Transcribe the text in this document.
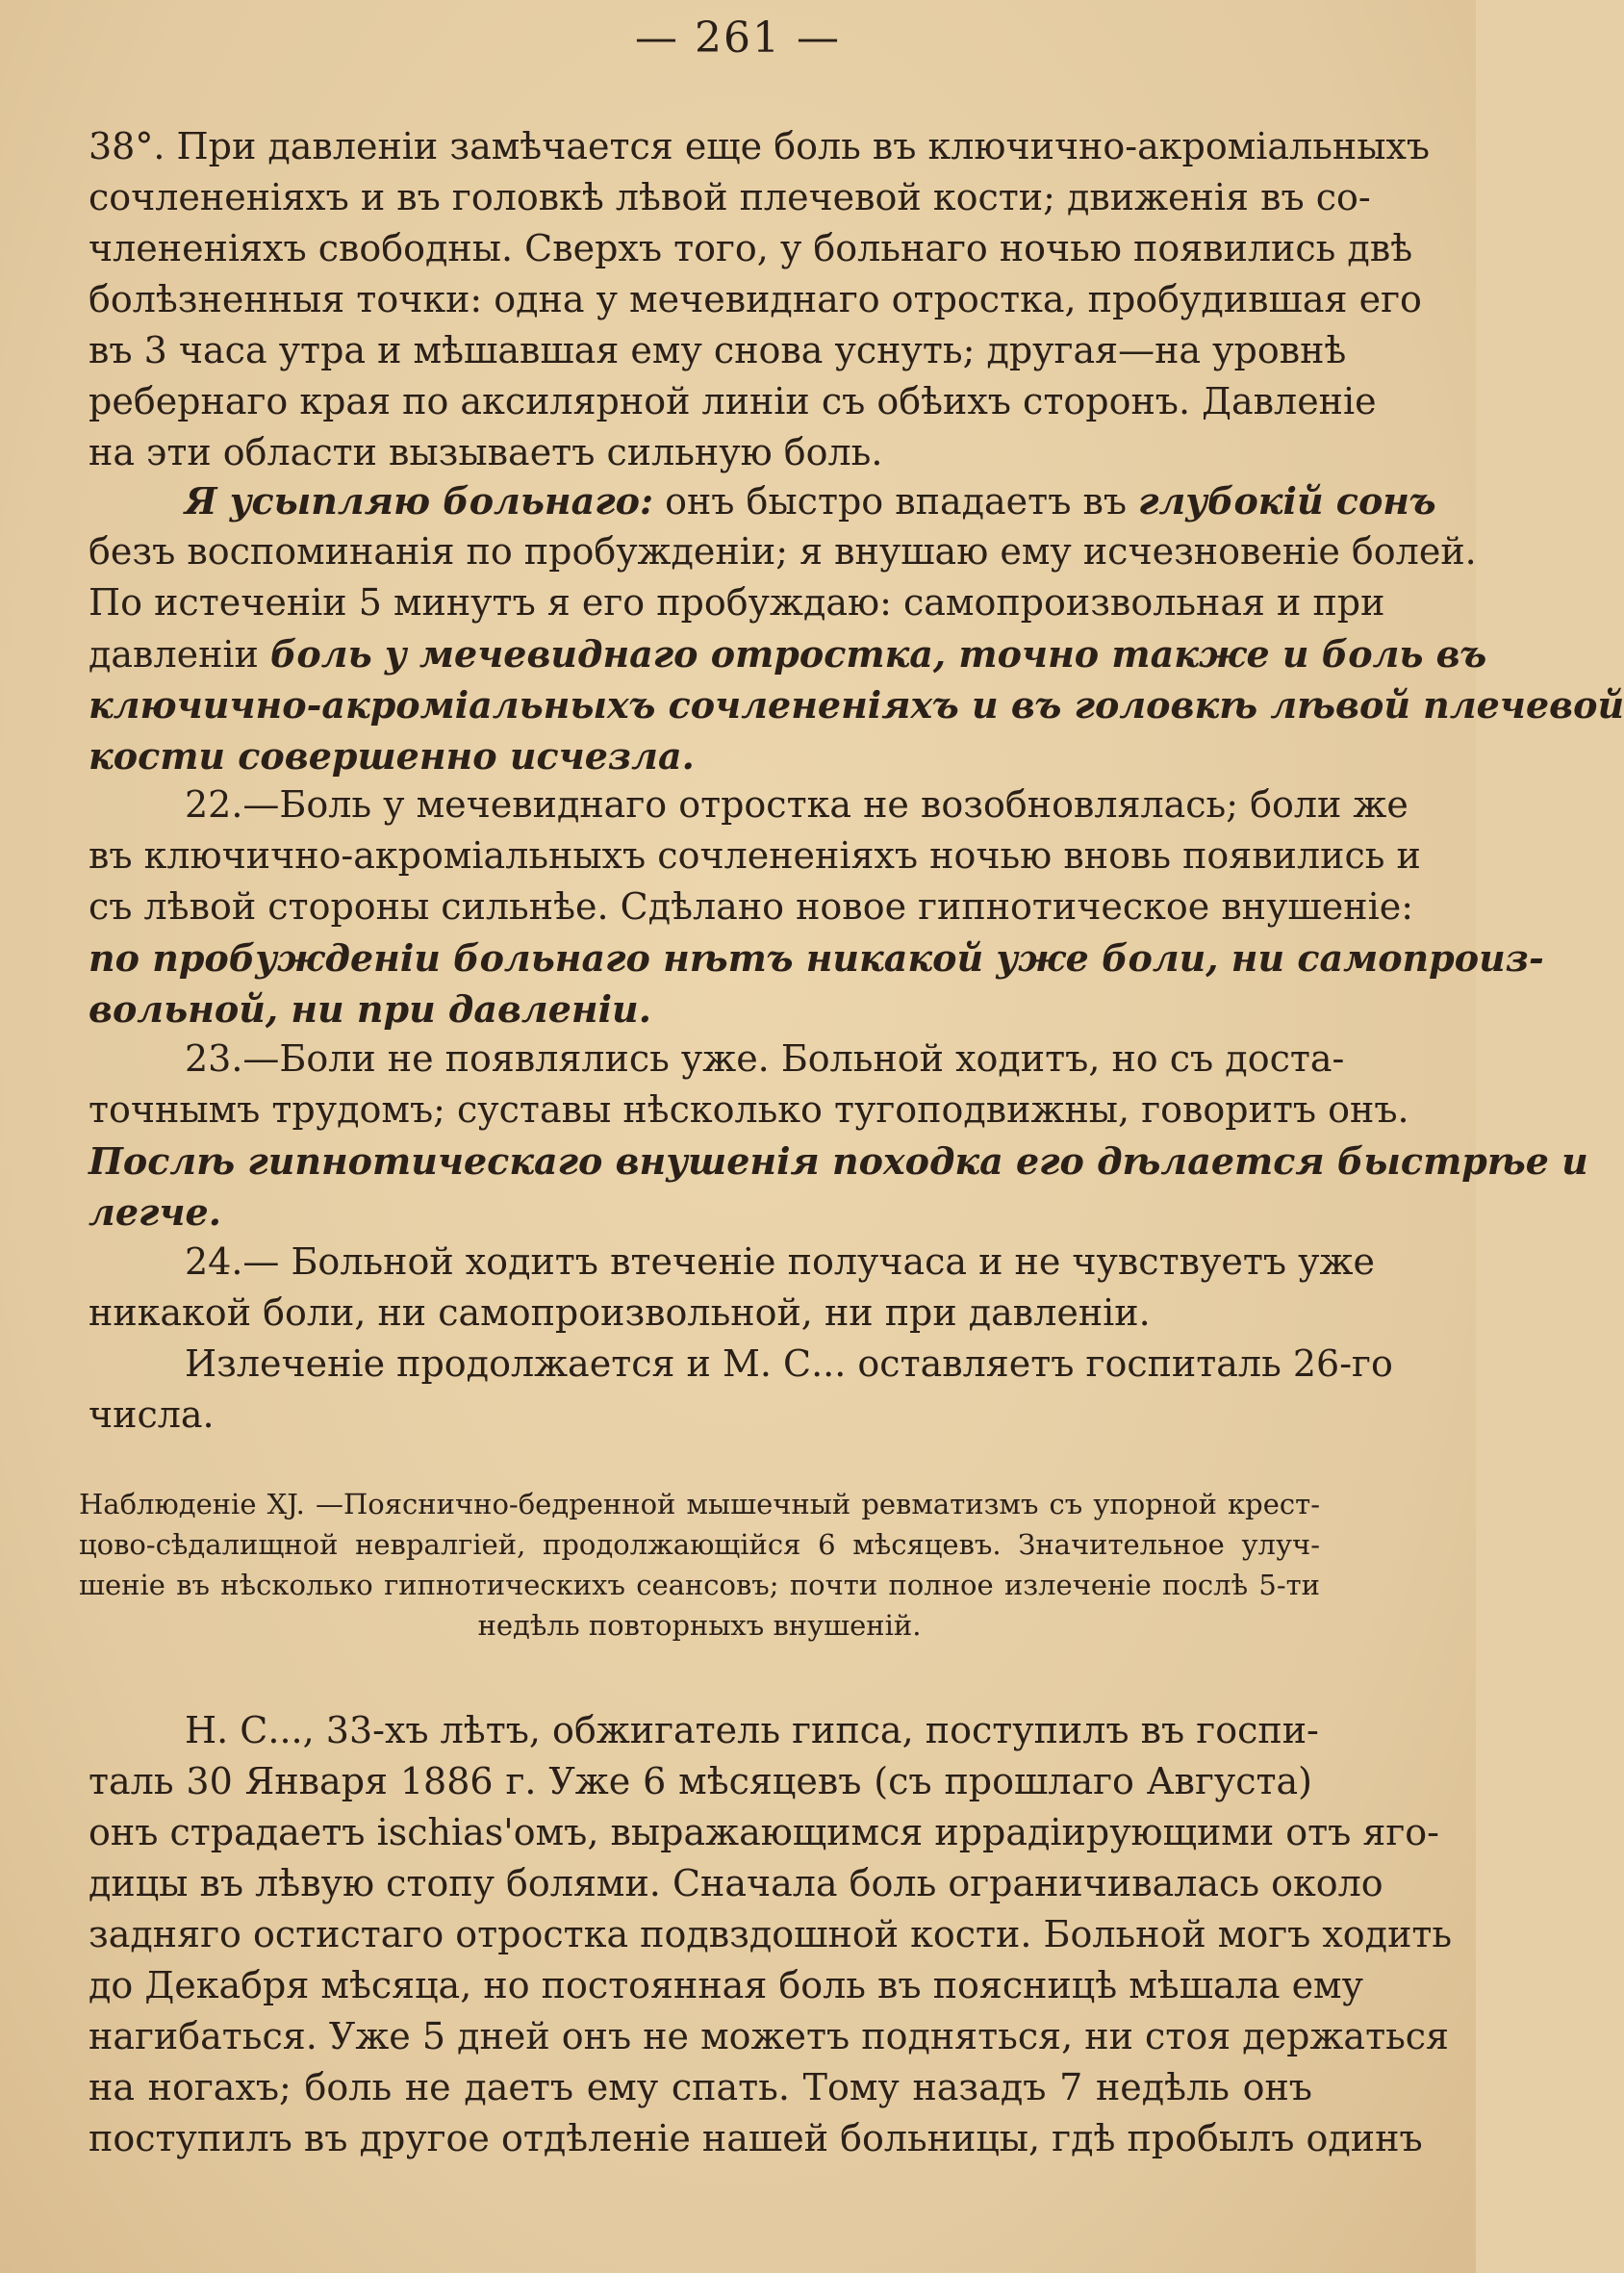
— 261 —
38°. При давленіи замѣчается еще боль въ ключично-акроміальныхъ
сочлененіяхъ и въ головкѣ лѣвой плечевой кости; движенія въ со-
члененіяхъ свободны. Сверхъ того, у больнаго ночью появились двѣ
болѣзненныя точки: одна у мечевиднаго отростка, пробудившая его
въ 3 часа утра и мѣшавшая ему снова уснуть; другая—на уровнѣ
ребернаго края по аксилярной линіи съ обѣихъ сторонъ. Давленіе
на эти области вызываетъ сильную боль.
Я усыпляю больнаго: онъ быстро впадаетъ въ глубокій сонъ
безъ воспоминанія по пробужденіи; я внушаю ему исчезновеніе болей.
По истеченіи 5 минутъ я его пробуждаю: самопроизвольная и при
давленіи боль у мечевиднаго отростка, точно также и боль въ
ключично-акроміальныхъ сочлененіяхъ и въ головкѣ лѣвой плечевой
кости совершенно исчезла.
22.—Боль у мечевиднаго отростка не возобновлялась; боли же
въ ключично-акроміальныхъ сочлененіяхъ ночью вновь появились и
съ лѣвой стороны сильнѣе. Сдѣлано новое гипнотическое внушеніе:
по пробужденіи больнаго нѣтъ никакой уже боли, ни самопроиз-
вольной, ни при давленіи.
23.—Боли не появлялись уже. Больной ходитъ, но съ доста-
точнымъ трудомъ; суставы нѣсколько тугоподвижны, говоритъ онъ.
Послѣ гипнотическаго внушенія походка его дѣлается быстрѣе и
легче.
24.— Больной ходитъ втеченіе получаса и не чувствуетъ уже
никакой боли, ни самопроизвольной, ни при давленіи.
Излеченіе продолжается и М. С... оставляетъ госпиталь 26-го
числа.
Наблюденіе XJ. —Поясничнo-бедренной мышечный ревматизмъ съ упорной крест-
цово-сѣдалищной невралгіей, продолжающійся 6 мѣсяцевъ. Значительное улуч-
шеніе въ нѣсколько гипнотическихъ сеансовъ; почти полное излеченіе послѣ 5-ти
недѣль повторныхъ внушеній.
Н. С..., 33-хъ лѣтъ, обжигатель гипса, поступилъ въ госпи-
таль 30 Января 1886 г. Уже 6 мѣсяцевъ (съ прошлаго Августа)
онъ страдаетъ ischias'омъ, выражающимся иррадіирующими отъ яго-
дицы въ лѣвую стопу болями. Сначала боль ограничивалась около
задняго остистаго отростка подвздошной кости. Больной могъ ходить
до Декабря мѣсяца, но постоянная боль въ поясницѣ мѣшала ему
нагибаться. Уже 5 дней онъ не можетъ подняться, ни стоя держаться
на ногахъ; боль не даетъ ему спать. Тому назадъ 7 недѣль онъ
поступилъ въ другое отдѣленіе нашей больницы, гдѣ пробылъ одинъ
